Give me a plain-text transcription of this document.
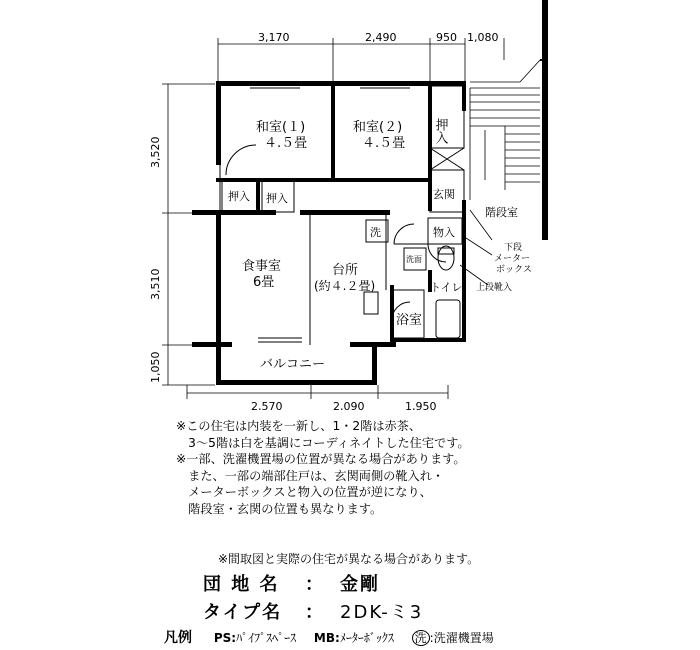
3,170	2,490	950 1,080
3,520
3,510
1,050
2,570	2,090	1,950
和室(１)
４.５畳
和室(２)
４.５畳 押入
押入 押入	玄関
物入
階段室
食事室
6畳
台所
(約４.２畳)
洗
洗面
トイレ
浴室
バルコニー
下段
メーター
ボックス
上段靴入
※この住宅は内装を一新し、1・2階は赤茶、
　3～5階は白を基調にコーディネイトした住宅です。
※一部、洗濯機置場の位置が異なる場合があります。
　また、一部の端部住戸は、玄関両側の靴入れ・
　メーターボックスと物入の位置が逆になり、
　階段室・玄関の位置も異なります。
※間取図と実際の住宅が異なる場合があります。
団 地 名 ： 金剛
タイプ名 ： 2DK-ミ3
凡例 PS:ﾊﾟｲﾌﾟｽﾍﾟｰｽ MB:ﾒｰﾀｰﾎﾞｯｸｽ 洗 :洗濯機置場
